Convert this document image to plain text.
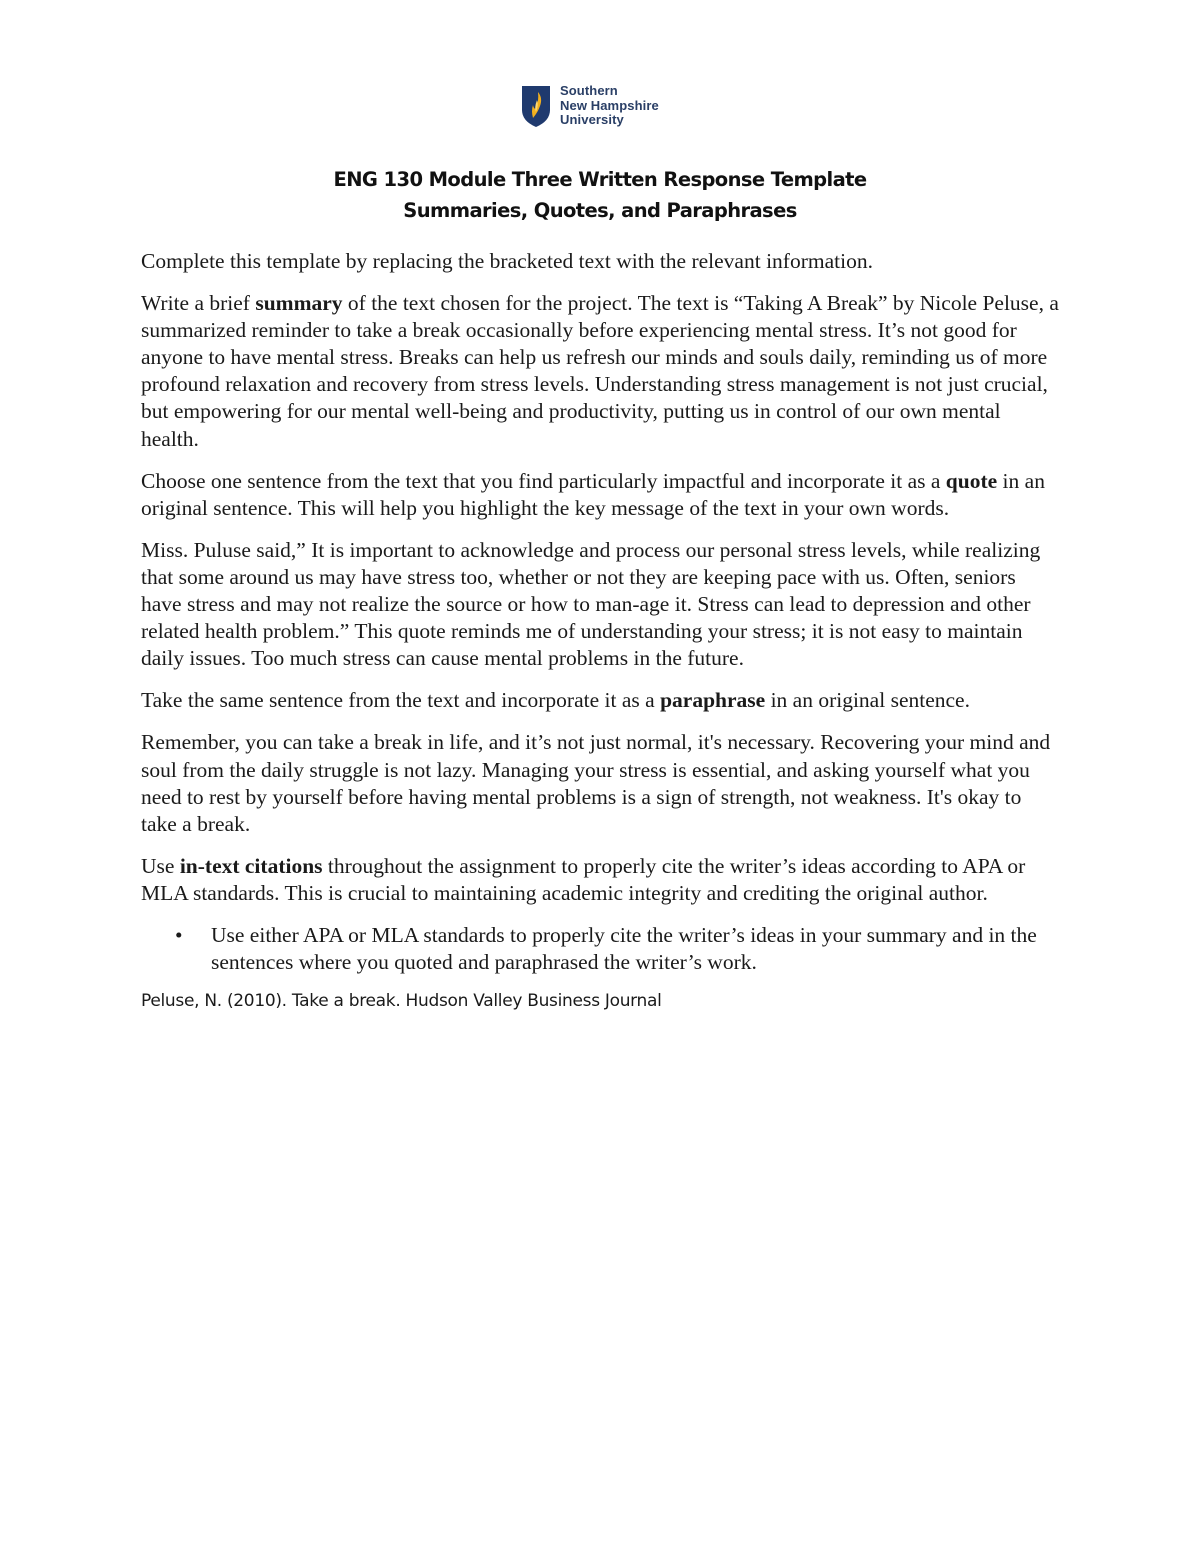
Southern
New Hampshire
University
ENG 130 Module Three Written Response Template
Summaries, Quotes, and Paraphrases

Complete this template by replacing the bracketed text with the relevant information.

Write a brief summary of the text chosen for the project. The text is “Taking A Break” by Nicole Peluse, a summarized reminder to take a break occasionally before experiencing mental stress. It’s not good for anyone to have mental stress. Breaks can help us refresh our minds and souls daily, reminding us of more profound relaxation and recovery from stress levels. Understanding stress management is not just crucial, but empowering for our mental well-being and productivity, putting us in control of our own mental health.

Choose one sentence from the text that you find particularly impactful and incorporate it as a quote in an original sentence. This will help you highlight the key message of the text in your own words.

Miss. Puluse said,” It is important to acknowledge and process our personal stress levels, while realizing that some around us may have stress too, whether or not they are keeping pace with us. Often, seniors have stress and may not realize the source or how to man-age it. Stress can lead to depression and other related health problem.” This quote reminds me of understanding your stress; it is not easy to maintain daily issues. Too much stress can cause mental problems in the future.

Take the same sentence from the text and incorporate it as a paraphrase in an original sentence.

Remember, you can take a break in life, and it’s not just normal, it's necessary. Recovering your mind and soul from the daily struggle is not lazy. Managing your stress is essential, and asking yourself what you need to rest by yourself before having mental problems is a sign of strength, not weakness. It's okay to take a break.

Use in-text citations throughout the assignment to properly cite the writer’s ideas according to APA or MLA standards. This is crucial to maintaining academic integrity and crediting the original author.

• Use either APA or MLA standards to properly cite the writer’s ideas in your summary and in the sentences where you quoted and paraphrased the writer’s work.
Peluse, N. (2010). Take a break. Hudson Valley Business Journal
